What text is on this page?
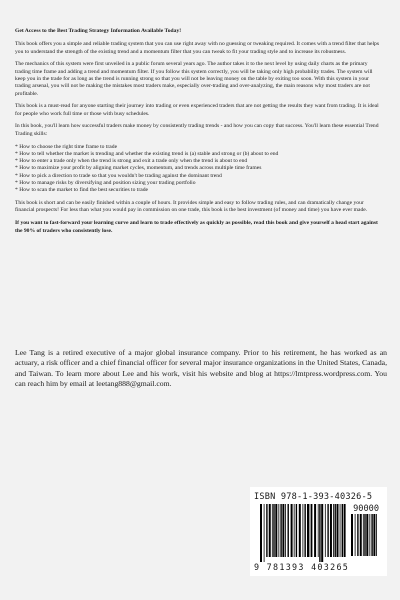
Get Access to the Best Trading Strategy Information Available Today!

This book offers you a simple and reliable trading system that you can use right away with no guessing or tweaking required. It comes with a trend filter that helps you to understand the strength of the existing trend and a momentum filter that you can tweak to fit your trading style and to increase its robustness.

The mechanics of this system were first unveiled in a public forum several years ago. The author takes it to the next level by using daily charts as the primary trading time frame and adding a trend and momentum filter. If you follow this system correctly, you will be taking only high probability trades. The system will keep you in the trade for as long as the trend is running strong so that you will not be leaving money on the table by exiting too soon. With this system in your trading arsenal, you will not be making the mistakes most traders make, especially over-trading and over-analyzing, the main reasons why most traders are not profitable.

This book is a must-read for anyone starting their journey into trading or even experienced traders that are not getting the results they want from trading. It is ideal for people who work full time or those with busy schedules.

In this book, you'll learn how successful traders make money by consistently trading trends - and how you can copy that success. You'll learn these essential Trend Trading skills:

* How to choose the right time frame to trade
* How to tell whether the market is trending and whether the existing trend is (a) stable and strong or (b) about to end
* How to enter a trade only when the trend is strong and exit a trade only when the trend is about to end
* How to maximize your profit by aligning market cycles, momentum, and trends across multiple time frames
* How to pick a direction to trade so that you wouldn't be trading against the dominant trend
* How to manage risks by diversifying and position sizing your trading portfolio
* How to scan the market to find the best securities to trade

This book is short and can be easily finished within a couple of hours. It provides simple and easy to follow trading rules, and can dramatically change your financial prospects! For less than what you would pay in commission on one trade, this book is the best investment (of money and time) you have ever made.

If you want to fast-forward your learning curve and learn to trade effectively as quickly as possible, read this book and give yourself a head start against the 90% of traders who consistently lose.

Lee Tang is a retired executive of a major global insurance company. Prior to his retirement, he has worked as an actuary, a risk officer and a chief financial officer for several major insurance organizations in the United States, Canada, and Taiwan. To learn more about Lee and his work, visit his website and blog at https://lmtpress.wordpress.com. You can reach him by email at leetang888@gmail.com.

ISBN 978-1-393-40326-5
90000
9 781393 403265
